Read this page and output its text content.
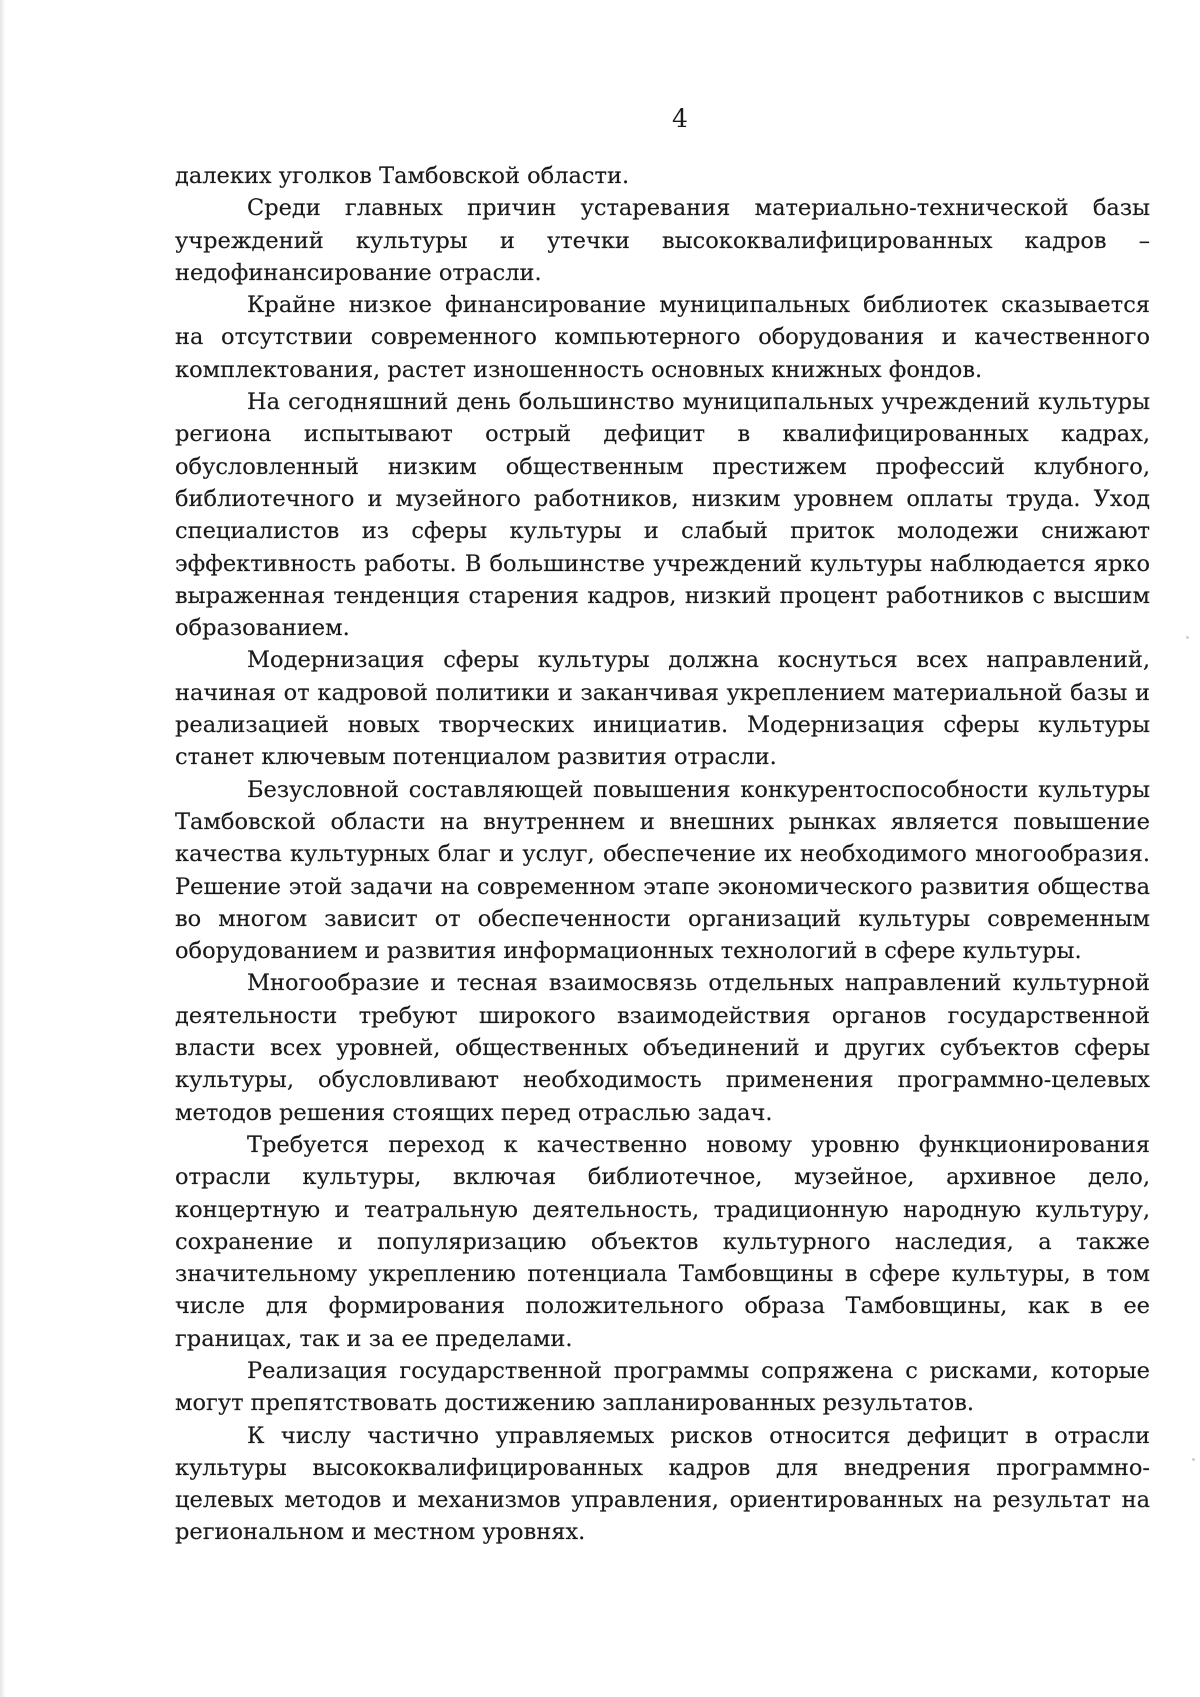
4

далеких уголков Тамбовской области.

Среди главных причин устаревания материально-технической базы учреждений культуры и утечки высококвалифицированных кадров – недофинансирование отрасли.

Крайне низкое финансирование муниципальных библиотек сказывается на отсутствии современного компьютерного оборудования и качественного комплектования, растет изношенность основных книжных фондов.

На сегодняшний день большинство муниципальных учреждений культуры региона испытывают острый дефицит в квалифицированных кадрах, обусловленный низким общественным престижем профессий клубного, библиотечного и музейного работников, низким уровнем оплаты труда. Уход специалистов из сферы культуры и слабый приток молодежи снижают эффективность работы. В большинстве учреждений культуры наблюдается ярко выраженная тенденция старения кадров, низкий процент работников с высшим образованием.

Модернизация сферы культуры должна коснуться всех направлений, начиная от кадровой политики и заканчивая укреплением материальной базы и реализацией новых творческих инициатив. Модернизация сферы культуры станет ключевым потенциалом развития отрасли.

Безусловной составляющей повышения конкурентоспособности культуры Тамбовской области на внутреннем и внешних рынках является повышение качества культурных благ и услуг, обеспечение их необходимого многообразия. Решение этой задачи на современном этапе экономического развития общества во многом зависит от обеспеченности организаций культуры современным оборудованием и развития информационных технологий в сфере культуры.

Многообразие и тесная взаимосвязь отдельных направлений культурной деятельности требуют широкого взаимодействия органов государственной власти всех уровней, общественных объединений и других субъектов сферы культуры, обусловливают необходимость применения программно-целевых методов решения стоящих перед отраслью задач.

Требуется переход к качественно новому уровню функционирования отрасли культуры, включая библиотечное, музейное, архивное дело, концертную и театральную деятельность, традиционную народную культуру, сохранение и популяризацию объектов культурного наследия, а также значительному укреплению потенциала Тамбовщины в сфере культуры, в том числе для формирования положительного образа Тамбовщины, как в ее границах, так и за ее пределами.

Реализация государственной программы сопряжена с рисками, которые могут препятствовать достижению запланированных результатов.

К числу частично управляемых рисков относится дефицит в отрасли культуры высококвалифицированных кадров для внедрения программно-целевых методов и механизмов управления, ориентированных на результат на региональном и местном уровнях.
